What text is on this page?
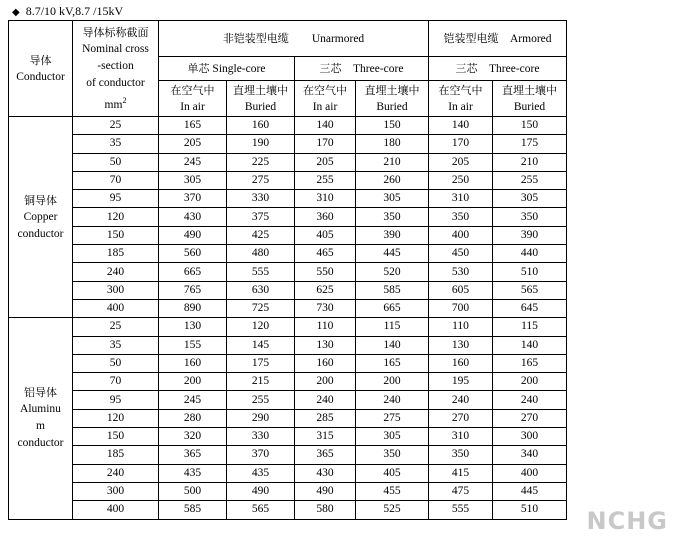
◆ 8.7/10 kV,8.7 /15kV
导体
Conductor	导体标称截面
Nominal cross
-section
of conductor
$mm^2$	非铠装型电缆 Unarmored				铠装型电缆 Armored	
		单芯 Single-core		三芯 Three-core		三芯 Three-core	

		在空气中
In air	直埋土壤中
Buried	在空气中
In air	直埋土壤中
Buried	在空气中
In air	直埋土壤中
Buried

铜导体
Copper
conductor	25	165	160	140	150	140	150
	35	205	190	170	180	170	175
	50	245	225	205	210	205	210
	70	305	275	255	260	250	255
	95	370	330	310	305	310	305
	120	430	375	360	350	350	350
	150	490	425	405	390	400	390
	185	560	480	465	445	450	440
	240	665	555	550	520	530	510
	300	765	630	625	585	605	565
	400	890	725	730	665	700	645

铝导体
Aluminu
m
conductor	25	130	120	110	115	110	115
	35	155	145	130	140	130	140
	50	160	175	160	165	160	165
	70	200	215	200	200	195	200
	95	245	255	240	240	240	240
	120	280	290	285	275	270	270
	150	320	330	315	305	310	300
	185	365	370	365	350	350	340
	240	435	435	430	405	415	400
	300	500	490	490	455	475	445
	400	585	565	580	525	555	510 NCHG
